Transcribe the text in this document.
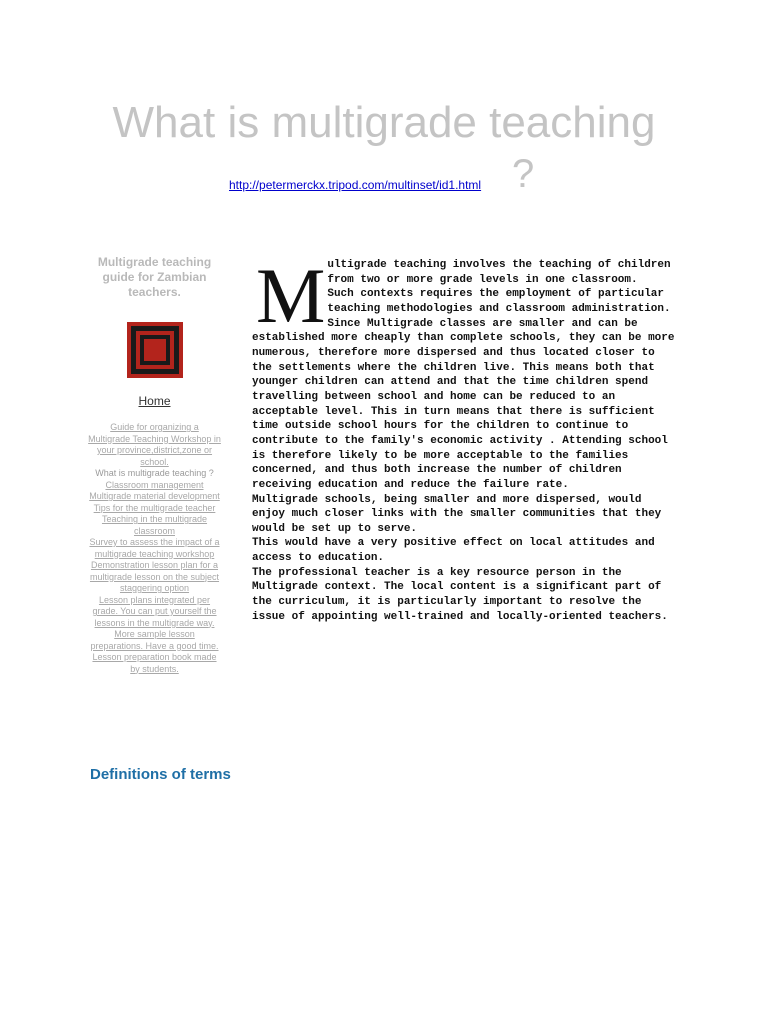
What is multigrade teaching
http://petermerckx.tripod.com/multinset/id1.html ?

Multigrade teaching guide for Zambian teachers.

Home
Guide for organizing a Multigrade Teaching Workshop in your province,district,zone or school.
What is multigrade teaching ?
Classroom management
Multigrade material development
Tips for the multigrade teacher
Teaching in the multigrade classroom
Survey to assess the impact of a multigrade teaching workshop
Demonstration lesson plan for a multigrade lesson on the subject staggering option
Lesson plans integrated per grade. You can put yourself the lessons in the multigrade way.
More sample lesson preparations. Have a good time.
Lesson preparation book made by students.
Definitions of terms
M ultigrade teaching involves the teaching of children from two or more grade levels in one classroom.

Such contexts requires the employment of particular teaching methodologies and classroom administration.

Since Multigrade classes are smaller and can be established more cheaply than complete schools, they can be more numerous, therefore more dispersed and thus located closer to the settlements where the children live. This means both that younger children can attend and that the time children spend travelling between school and home can be reduced to an acceptable level. This in turn means that there is sufficient time outside school hours for the children to continue to contribute to the family's economic activity . Attending school is therefore likely to be more acceptable to the families concerned, and thus both increase the number of children receiving education and reduce the failure rate.

Multigrade schools, being smaller and more dispersed, would enjoy much closer links with the smaller communities that they would be set up to serve.

This would have a very positive effect on local attitudes and access to education.

The professional teacher is a key resource person in the Multigrade context. The local content is a significant part of the curriculum, it is particularly important to resolve the issue of appointing well-trained and locally-oriented teachers.
